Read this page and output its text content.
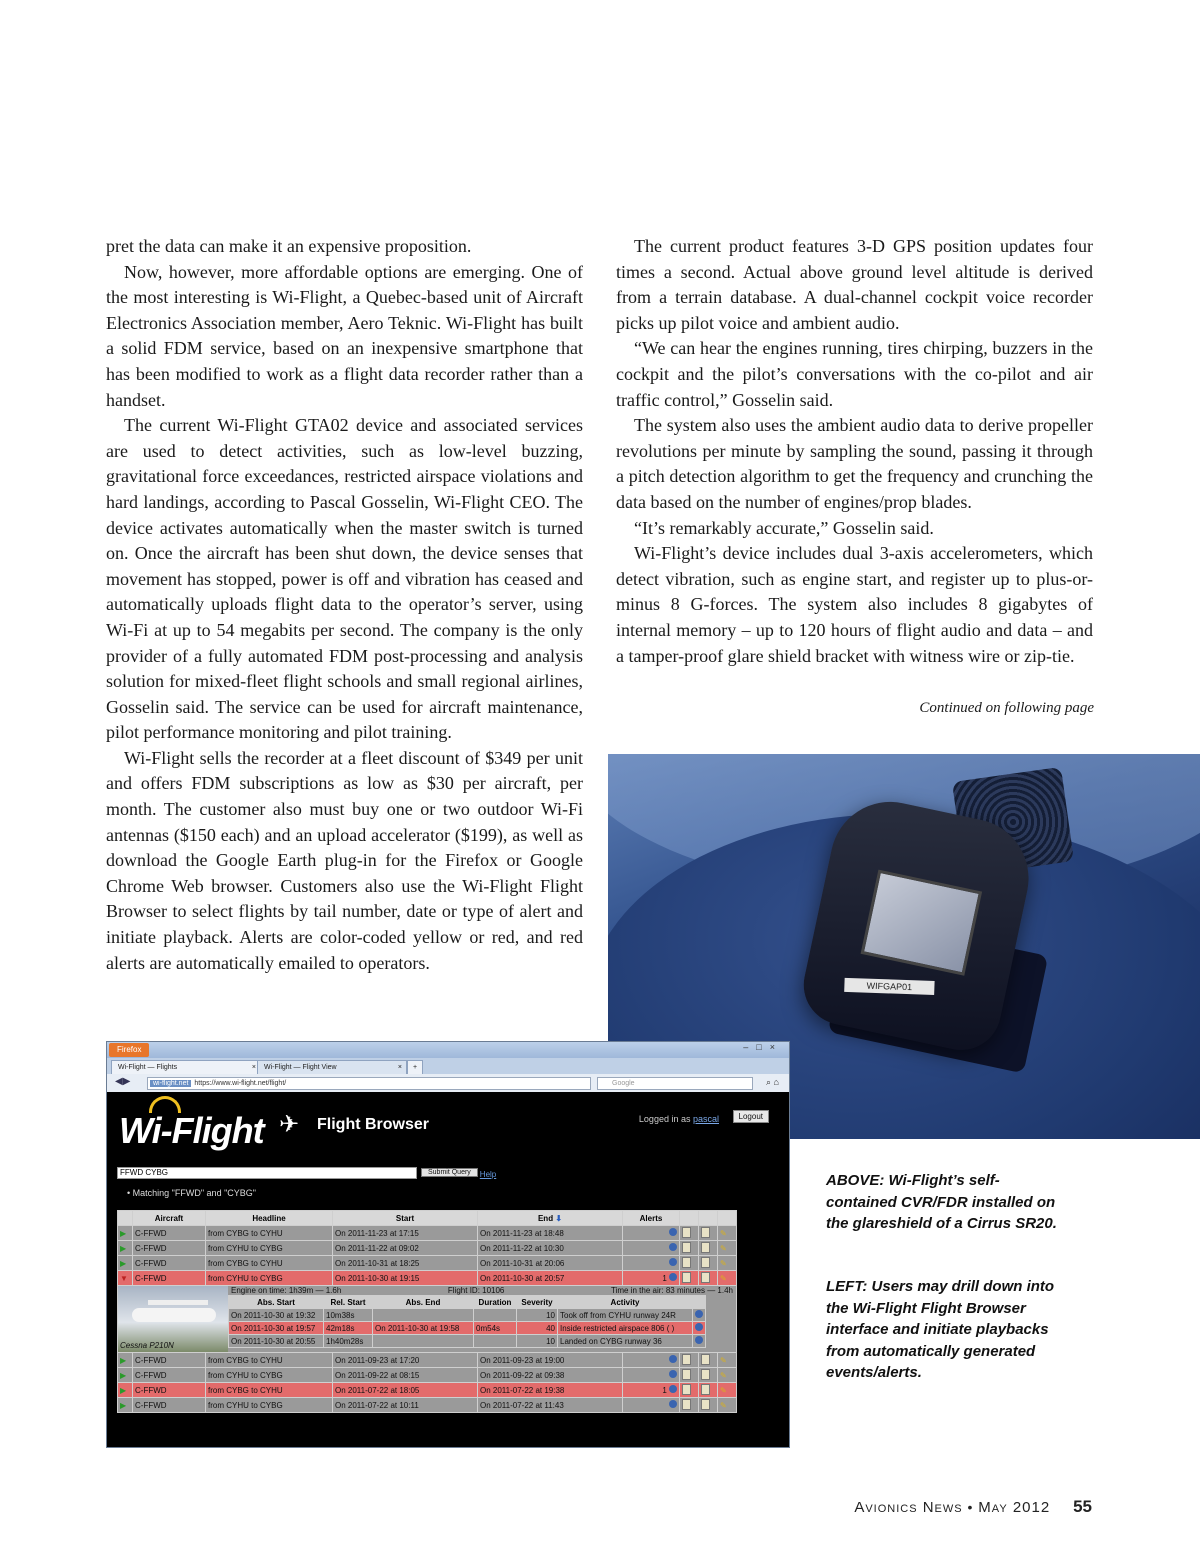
pret the data can make it an expensive proposition.

Now, however, more affordable options are emerging. One of the most interesting is Wi-Flight, a Quebec-based unit of Aircraft Electronics Association member, Aero Teknic. Wi-Flight has built a solid FDM service, based on an inexpensive smartphone that has been modified to work as a flight data recorder rather than a handset.

The current Wi-Flight GTA02 device and associated services are used to detect activities, such as low-level buzzing, gravitational force exceedances, restricted airspace violations and hard landings, according to Pascal Gosselin, Wi-Flight CEO. The device activates automatically when the master switch is turned on. Once the aircraft has been shut down, the device senses that movement has stopped, power is off and vibration has ceased and automatically uploads flight data to the operator’s server, using Wi-Fi at up to 54 megabits per second. The company is the only provider of a fully automated FDM post-processing and analysis solution for mixed-fleet flight schools and small regional airlines, Gosselin said. The service can be used for aircraft maintenance, pilot performance monitoring and pilot training.

Wi-Flight sells the recorder at a fleet discount of $349 per unit and offers FDM subscriptions as low as $30 per aircraft, per month. The customer also must buy one or two outdoor Wi-Fi antennas ($150 each) and an upload accelerator ($199), as well as download the Google Earth plug-in for the Firefox or Google Chrome Web browser. Customers also use the Wi-Flight Flight Browser to select flights by tail number, date or type of alert and initiate playback. Alerts are color-coded yellow or red, and red alerts are automatically emailed to operators.

The current product features 3-D GPS position updates four times a second. Actual above ground level altitude is derived from a terrain database. A dual-channel cockpit voice recorder picks up pilot voice and ambient audio.

“We can hear the engines running, tires chirping, buzzers in the cockpit and the pilot’s conversations with the co-pilot and air traffic control,” Gosselin said.

The system also uses the ambient audio data to derive propeller revolutions per minute by sampling the sound, passing it through a pitch detection algorithm to get the frequency and crunching the data based on the number of engines/prop blades.

“It’s remarkably accurate,” Gosselin said.

Wi-Flight’s device includes dual 3-axis accelerometers, which detect vibration, such as engine start, and register up to plus-or-minus 8 G-forces. The system also includes 8 gigabytes of internal memory – up to 120 hours of flight audio and data – and a tamper-proof glare shield bracket with witness wire or zip-tie.

Continued on following page
WIFGAP01
Firefox	–□×
Wi-Flight — Flights	×	Wi-Flight — Flight View	×	+
◀▶	wi-flight.net https://www.wi-flight.net/flight/	Google	⌕ ⌂
Wi-Flight ✈ Flight Browser	Logged in as pascal	Logout
FFWD CYBG	Submit Query Help
• Matching "FFWD" and "CYBG"
	Aircraft	Headline	Start	End ⬇	Alerts			
▶	C-FFWD	from CYBG to CYHU	On 2011-11-23 at 17:15	On 2011-11-23 at 18:48				✎
▶	C-FFWD	from CYHU to CYBG	On 2011-11-22 at 09:02	On 2011-11-22 at 10:30				✎
▶	C-FFWD	from CYBG to CYHU	On 2011-10-31 at 18:25	On 2011-10-31 at 20:06				✎
▼	C-FFWD	from CYHU to CYBG	On 2011-10-30 at 19:15	On 2011-10-30 at 20:57	1			✎

Cessna P210N
Engine on time: 1h39m — 1.6h	Flight ID: 10106	Time in the air: 83 minutes — 1.4h
Abs. Start	Rel. Start	Abs. End	Duration	Severity	Activity	
On 2011-10-30 at 19:32	10m38s			10	Took off from CYHU runway 24R	
On 2011-10-30 at 19:57	42m18s	On 2011-10-30 at 19:58	0m54s	40	Inside restricted airspace 806 ( )	
On 2011-10-30 at 20:55	1h40m28s			10	Landed on CYBG runway 36	

▶	C-FFWD	from CYBG to CYHU	On 2011-09-23 at 17:20	On 2011-09-23 at 19:00				✎
▶	C-FFWD	from CYHU to CYBG	On 2011-09-22 at 08:15	On 2011-09-22 at 09:38				✎
▶	C-FFWD	from CYBG to CYHU	On 2011-07-22 at 18:05	On 2011-07-22 at 19:38	1			✎
▶	C-FFWD	from CYHU to CYBG	On 2011-07-22 at 10:11	On 2011-07-22 at 11:43				✎
ABOVE: Wi-Flight’s self-contained CVR/FDR installed on the glareshield of a Cirrus SR20.
LEFT: Users may drill down into the Wi-Flight Flight Browser interface and initiate playbacks from automatically generated events/alerts.
Avionics News • May 2012 55
